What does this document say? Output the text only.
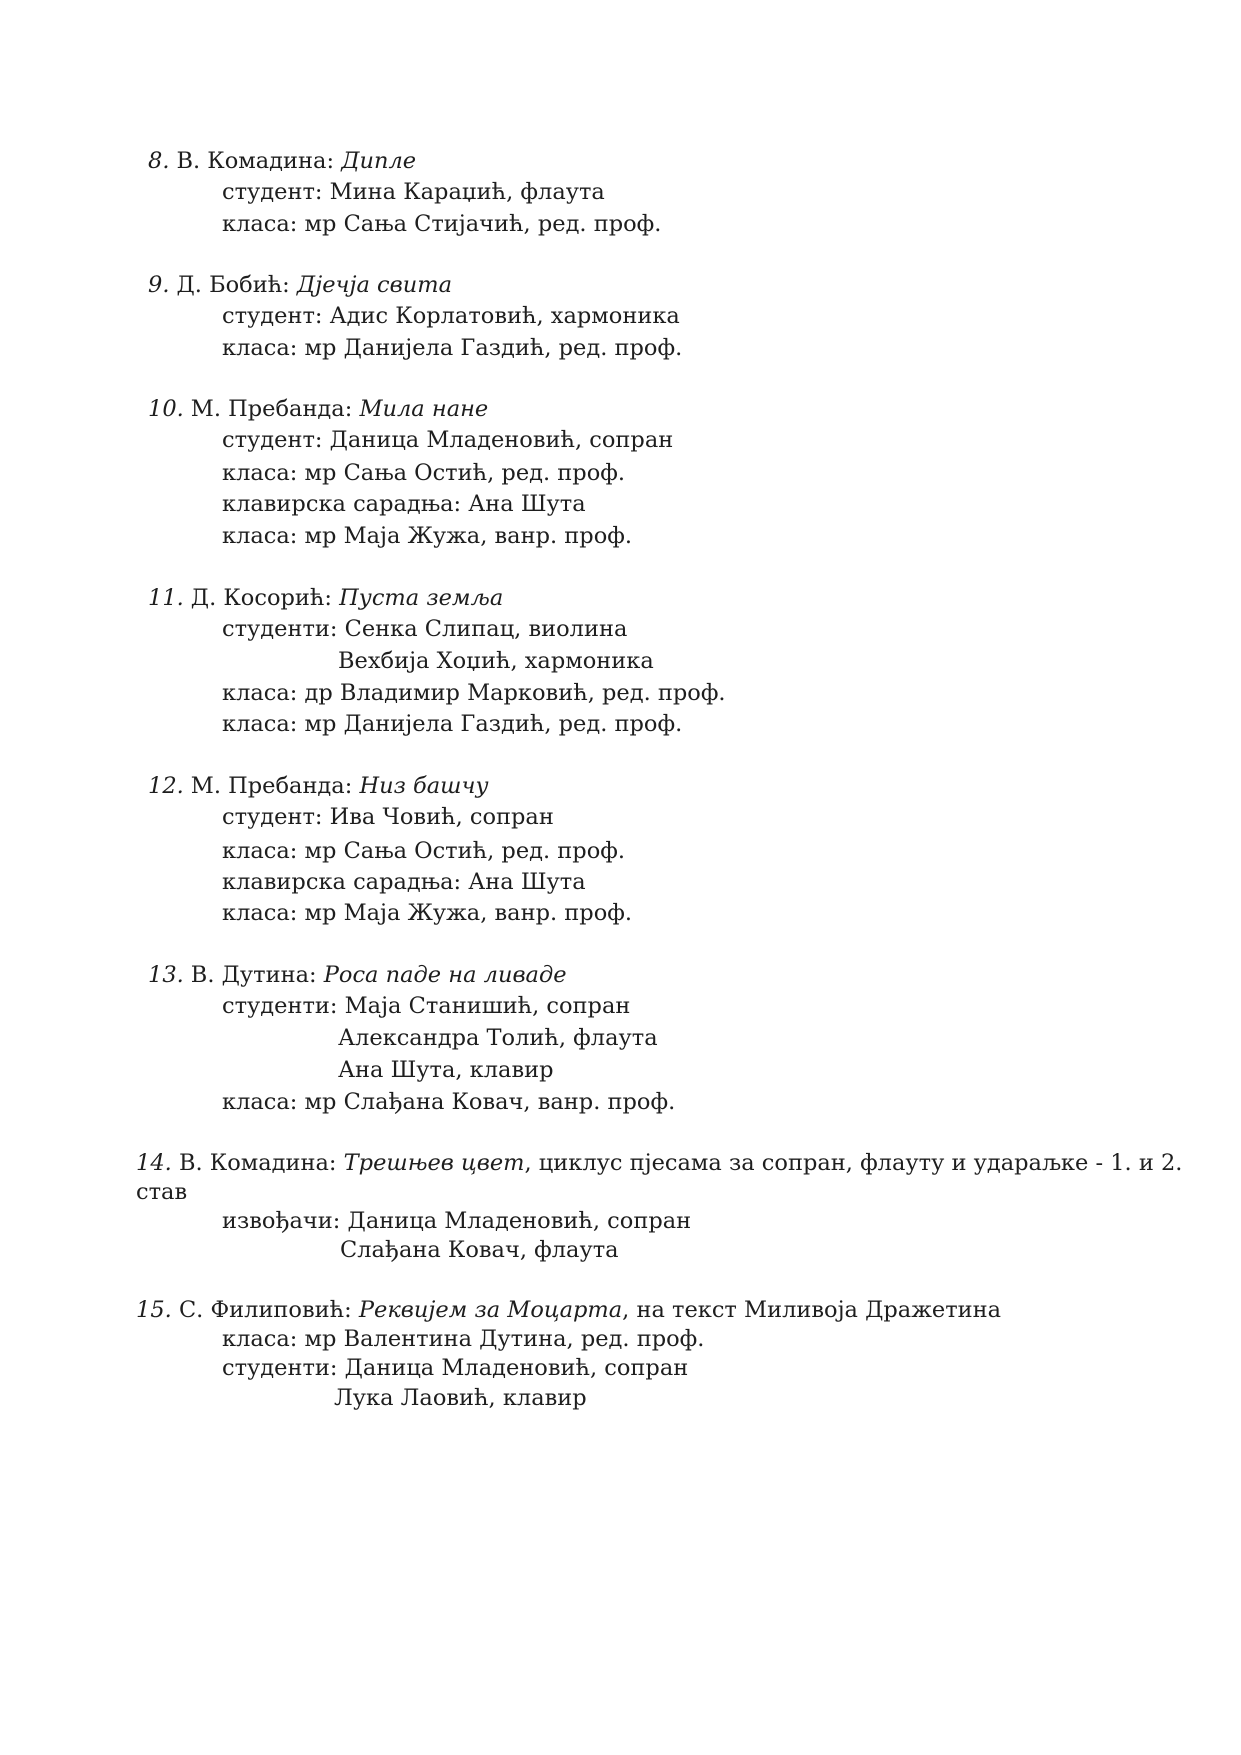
8. В. Комадина: Дипле
студент: Мина Караџић, флаута
класа: мр Сања Стијачић, ред. проф.
9. Д. Бобић: Дјечја свита
студент: Адис Корлатовић, хармоника
класа: мр Данијела Газдић, ред. проф.
10. М. Пребанда: Мила нане
студент: Даница Младеновић, сопран
класа: мр Сања Остић, ред. проф.
клавирска сарадња: Ана Шута
класа: мр Маја Жужа, ванр. проф.
11. Д. Косорић: Пуста земља
студенти: Сенка Слипац, виолина
Вехбија Хоџић, хармоника
класа: др Владимир Марковић, ред. проф.
класа: мр Данијела Газдић, ред. проф.
12. М. Пребанда: Низ башчу
студент: Ива Човић, сопран
класа: мр Сања Остић, ред. проф.
клавирска сарадња: Ана Шута
класа: мр Маја Жужа, ванр. проф.
13. В. Дутина: Роса паде на ливаде
студенти: Маја Станишић, сопран
Александра Толић, флаута
Ана Шута, клавир
класа: мр Слађана Ковач, ванр. проф.
14. В. Комадина: Трешњев цвет, циклус пјесама за сопран, флауту и удараљке - 1. и 2.
став
извођачи: Даница Младеновић, сопран
Слађана Ковач, флаута
15. С. Филиповић: Реквијем за Моцарта, на текст Миливоја Дражетина
класа: мр Валентина Дутина, ред. проф.
студенти: Даница Младеновић, сопран
Лука Лаовић, клавир
